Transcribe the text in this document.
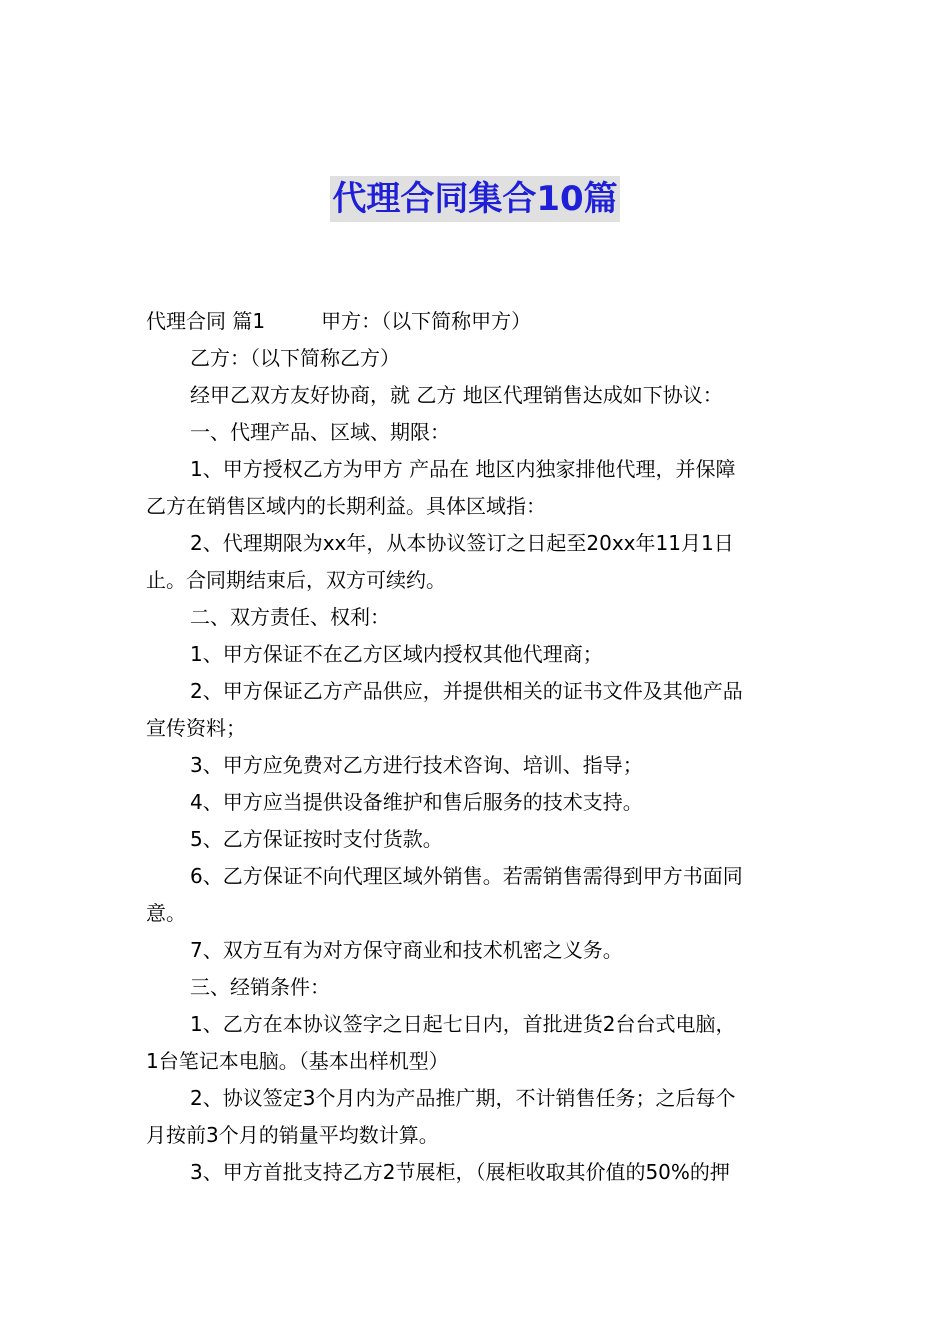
代理合同集合10篇
代理合同 篇1	甲方：（以下简称甲方）
乙方：（以下简称乙方）
经甲乙双方友好协商，就 乙方 地区代理销售达成如下协议：
一、代理产品、区域、期限：
1、甲方授权乙方为甲方 产品在 地区内独家排他代理，并保障
乙方在销售区域内的长期利益。具体区域指：
2、代理期限为xx年，从本协议签订之日起至20xx年11月1日
止。合同期结束后，双方可续约。
二、双方责任、权利：
1、甲方保证不在乙方区域内授权其他代理商；
2、甲方保证乙方产品供应，并提供相关的证书文件及其他产品
宣传资料；
3、甲方应免费对乙方进行技术咨询、培训、指导；
4、甲方应当提供设备维护和售后服务的技术支持。
5、乙方保证按时支付货款。
6、乙方保证不向代理区域外销售。若需销售需得到甲方书面同
意。
7、双方互有为对方保守商业和技术机密之义务。
三、经销条件：
1、乙方在本协议签字之日起七日内，首批进货2台台式电脑，
1台笔记本电脑。（基本出样机型）
2、协议签定3个月内为产品推广期，不计销售任务；之后每个
月按前3个月的销量平均数计算。
3、甲方首批支持乙方2节展柜，（展柜收取其价值的50%的押
